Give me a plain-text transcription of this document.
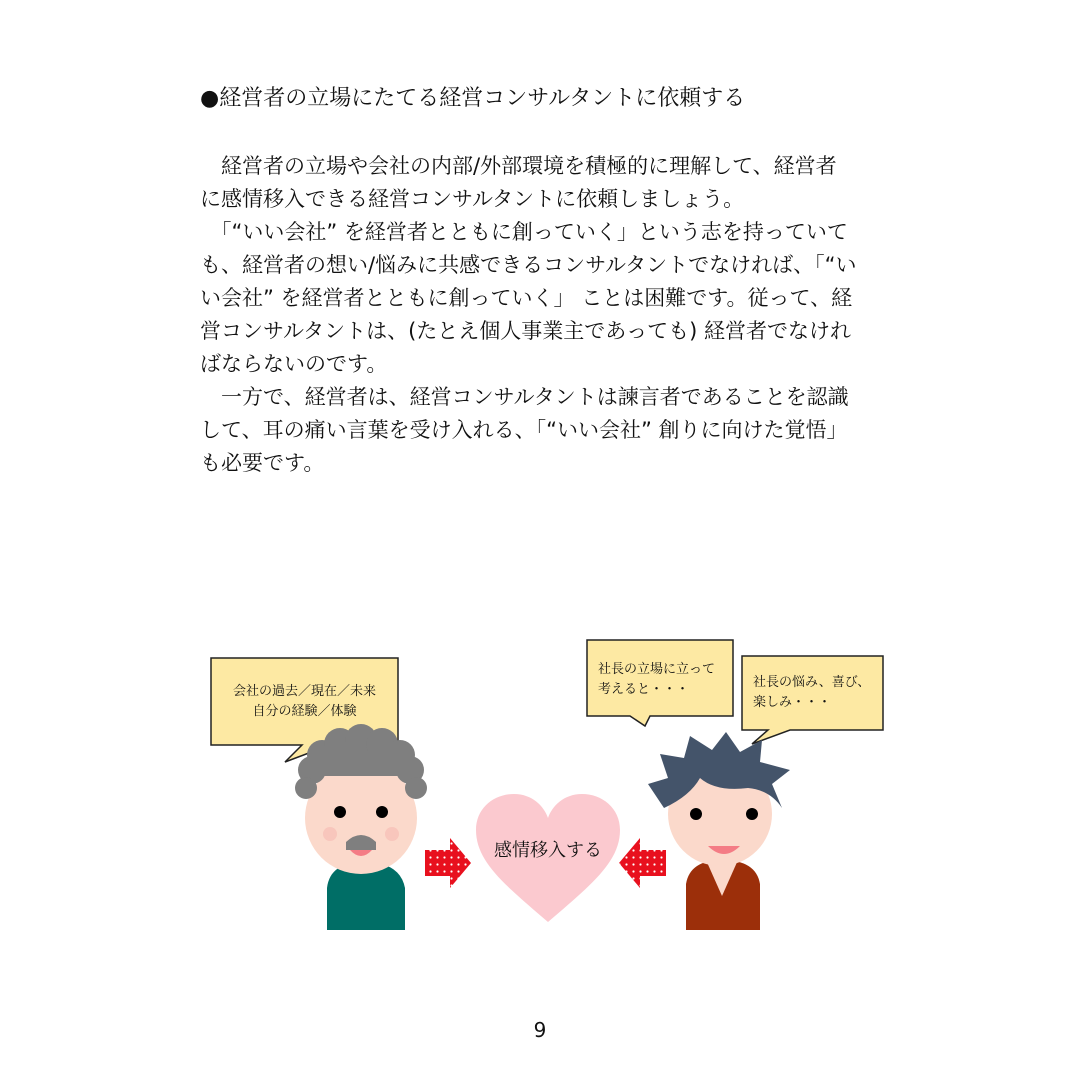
●経営者の立場にたてる経営コンサルタントに依頼する
　経営者の立場や会社の内部/外部環境を積極的に理解して、経営者
に感情移入できる経営コンサルタントに依頼しましょう。
　「“いい会社” を経営者とともに創っていく」という志を持っていて
も、経営者の想い/悩みに共感できるコンサルタントでなければ、「“い
い会社” を経営者とともに創っていく」 ことは困難です。従って、経
営コンサルタントは、(たとえ個人事業主であっても) 経営者でなけれ
ばならないのです。
　一方で、経営者は、経営コンサルタントは諫言者であることを認識
して、耳の痛い言葉を受け入れる、「“いい会社” 創りに向けた覚悟」
も必要です。
会社の過去／現在／未来
自分の経験／体験
社長の立場に立って
考えると・・・	社長の悩み、喜び、
楽しみ・・・
感情移入する
9
